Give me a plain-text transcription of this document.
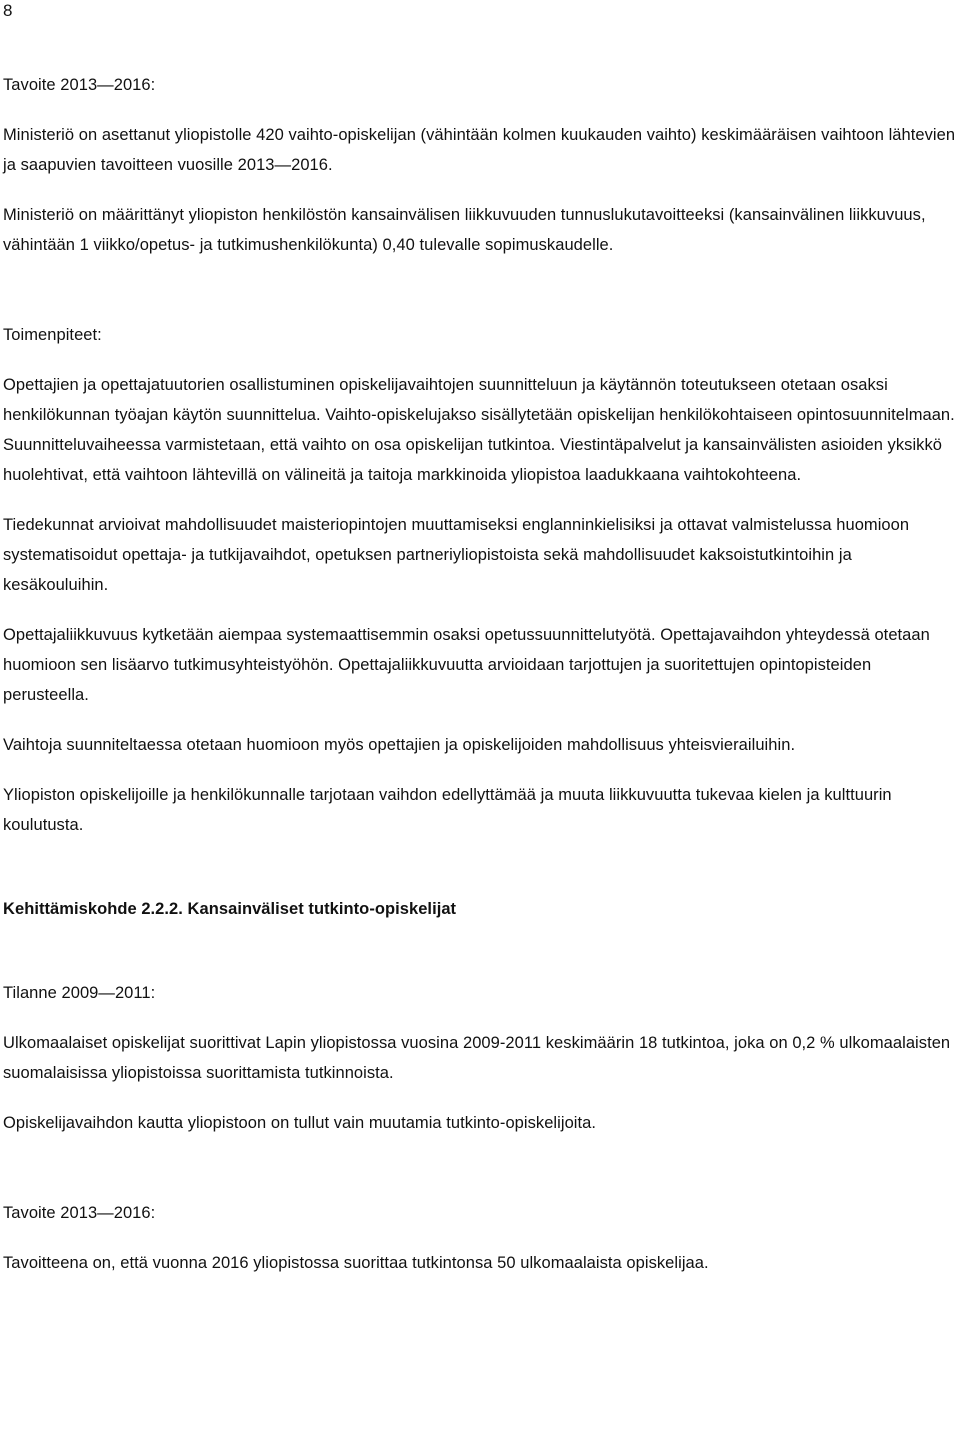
8

Tavoite 2013—2016:

Ministeriö on asettanut yliopistolle 420 vaihto-opiskelijan (vähintään kolmen kuukauden vaihto) keskimääräisen vaihtoon lähtevien ja saapuvien tavoitteen vuosille 2013—2016.

Ministeriö on määrittänyt yliopiston henkilöstön kansainvälisen liikkuvuuden tunnuslukutavoitteeksi (kansainvälinen liikkuvuus, vähintään 1 viikko/opetus- ja tutkimushenkilökunta) 0,40 tulevalle sopimuskaudelle.

Toimenpiteet:

Opettajien ja opettajatuutorien osallistuminen opiskelijavaihtojen suunnitteluun ja käytännön toteutukseen otetaan osaksi henkilökunnan työajan käytön suunnittelua. Vaihto-opiskelujakso sisällytetään opiskelijan henkilökohtaiseen opintosuunnitelmaan. Suunnitteluvaiheessa varmistetaan, että vaihto on osa opiskelijan tutkintoa. Viestintäpalvelut ja kansainvälisten asioiden yksikkö huolehtivat, että vaihtoon lähtevillä on välineitä ja taitoja markkinoida yliopistoa laadukkaana vaihtokohteena.

Tiedekunnat arvioivat mahdollisuudet maisteriopintojen muuttamiseksi englanninkielisiksi ja ottavat valmistelussa huomioon systematisoidut opettaja- ja tutkijavaihdot, opetuksen partneriyliopistoista sekä mahdollisuudet kaksoistutkintoihin ja kesäkouluihin.

Opettajaliikkuvuus kytketään aiempaa systemaattisemmin osaksi opetussuunnittelutyötä. Opettajavaihdon yhteydessä otetaan huomioon sen lisäarvo tutkimusyhteistyöhön. Opettajaliikkuvuutta arvioidaan tarjottujen ja suoritettujen opintopisteiden perusteella.

Vaihtoja suunniteltaessa otetaan huomioon myös opettajien ja opiskelijoiden mahdollisuus yhteisvierailuihin.

Yliopiston opiskelijoille ja henkilökunnalle tarjotaan vaihdon edellyttämää ja muuta liikkuvuutta tukevaa kielen ja kulttuurin koulutusta.

Kehittämiskohde 2.2.2. Kansainväliset tutkinto-opiskelijat

Tilanne 2009—2011:

Ulkomaalaiset opiskelijat suorittivat Lapin yliopistossa vuosina 2009-2011 keskimäärin 18 tutkintoa, joka on 0,2 % ulkomaalaisten suomalaisissa yliopistoissa suorittamista tutkinnoista.

Opiskelijavaihdon kautta yliopistoon on tullut vain muutamia tutkinto-opiskelijoita.

Tavoite 2013—2016:

Tavoitteena on, että vuonna 2016 yliopistossa suorittaa tutkintonsa 50 ulkomaalaista opiskelijaa.
